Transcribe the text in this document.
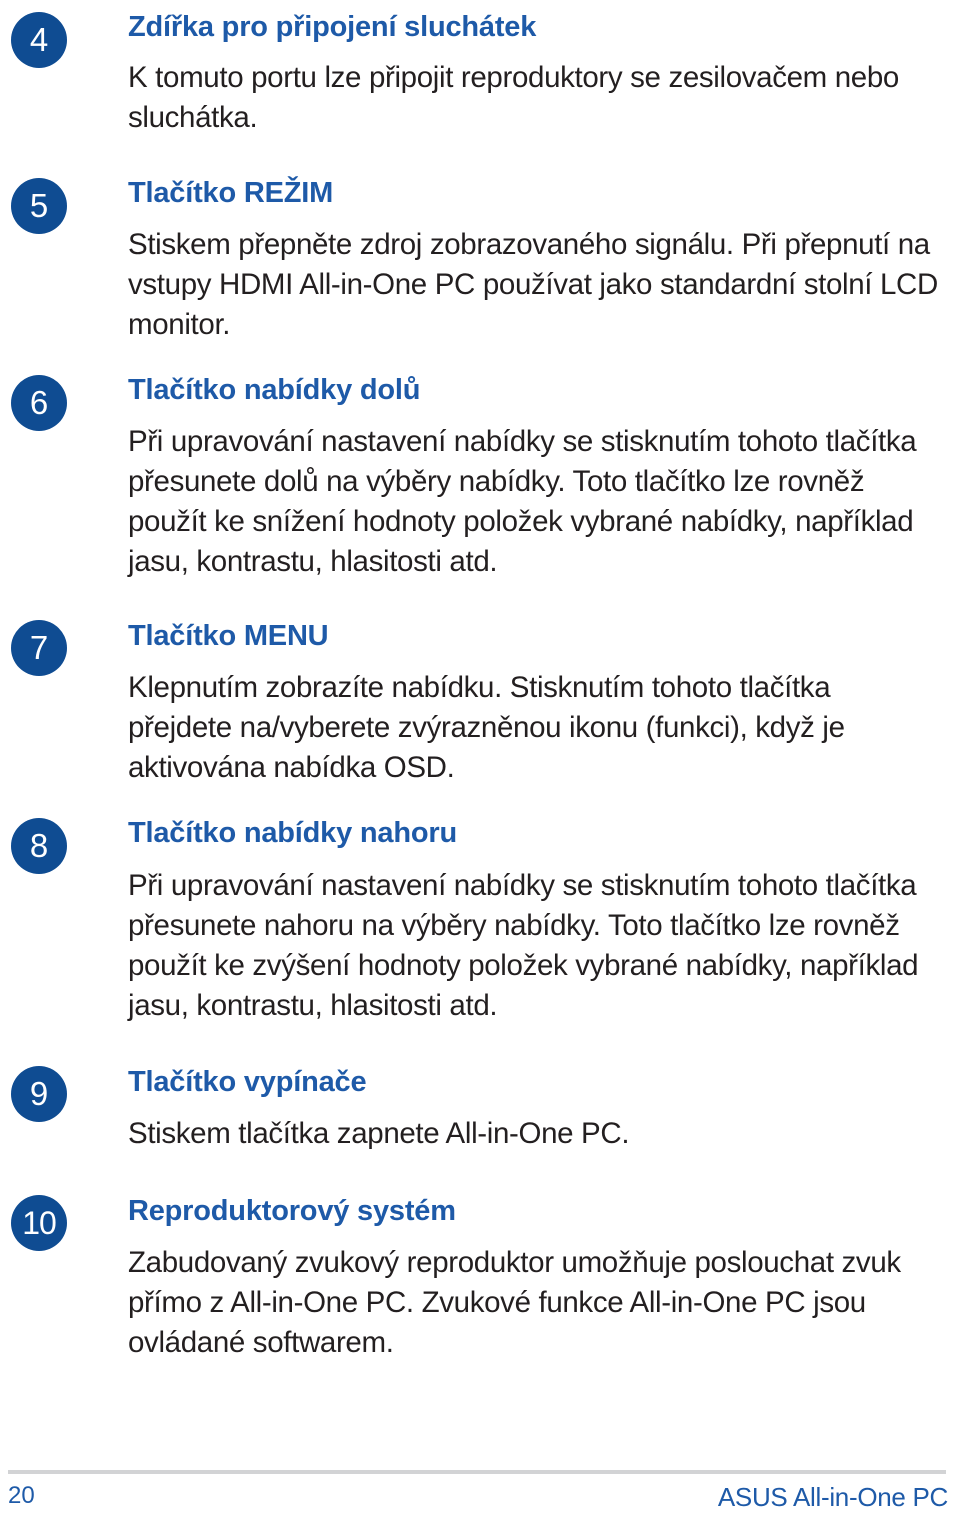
4	Zdířka pro připojení sluchátek

K tomuto portu lze připojit reproduktory se zesilovačem nebo sluchátka.

5	Tlačítko REŽIM

Stiskem přepněte zdroj zobrazovaného signálu. Při přepnutí na vstupy HDMI All-in-One PC používat jako standardní stolní LCD monitor.

6	Tlačítko nabídky dolů

Při upravování nastavení nabídky se stisknutím tohoto tlačítka přesunete dolů na výběry nabídky. Toto tlačítko lze rovněž použít ke snížení hodnoty položek vybrané nabídky, například jasu, kontrastu, hlasitosti atd.

7	Tlačítko MENU

Klepnutím zobrazíte nabídku. Stisknutím tohoto tlačítka přejdete na/vyberete zvýrazněnou ikonu (funkci), když je aktivována nabídka OSD.

8	Tlačítko nabídky nahoru

Při upravování nastavení nabídky se stisknutím tohoto tlačítka přesunete nahoru na výběry nabídky. Toto tlačítko lze rovněž použít ke zvýšení hodnoty položek vybrané nabídky, například jasu, kontrastu, hlasitosti atd.

9	Tlačítko vypínače

Stiskem tlačítka zapnete All-in-One PC.

10	Reproduktorový systém

Zabudovaný zvukový reproduktor umožňuje poslouchat zvuk přímo z All-in-One PC. Zvukové funkce All-in-One PC jsou ovládané softwarem.

20	ASUS All-in-One PC
